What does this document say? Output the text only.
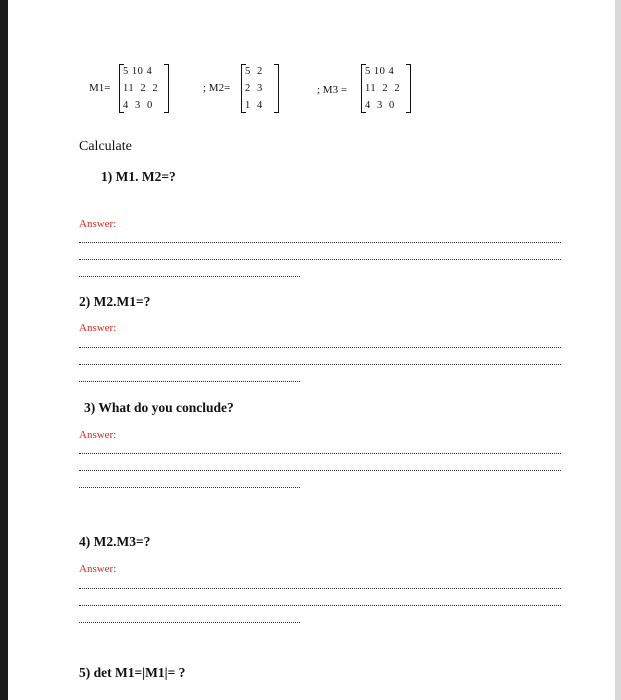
M1=
5 10 4
11  2  2
4  3  0
; M2=
5  2
2  3
1  4
; M3 =
5 10 4
11  2  2
4  3  0
Calculate
1) M1. M2=?
Answer:
2) M2.M1=?
Answer:
3) What do you conclude?
Answer:
4) M2.M3=?
Answer:
5) det M1=|M1|= ?
